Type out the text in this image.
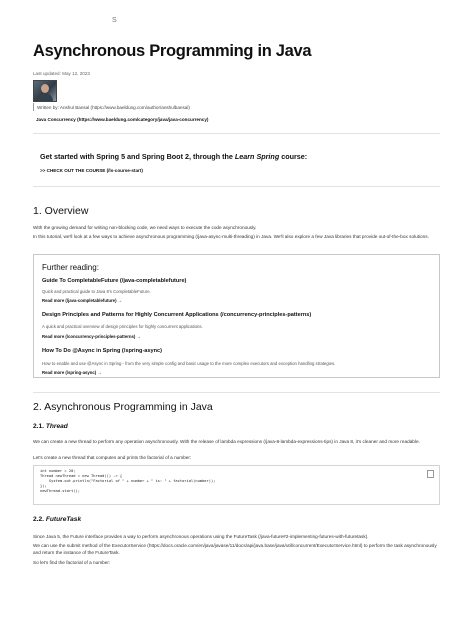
S
Asynchronous Programming in Java
Last updated: May 12, 2023
Written by: Anshul Bansal (https://www.baeldung.com/author/anshulbansal)
Java Concurrency (https://www.baeldung.com/category/java/java-concurrency)
Get started with Spring 5 and Spring Boot 2, through the Learn Spring course:
>> CHECK OUT THE COURSE (/ls-course-start)
1. Overview
With the growing demand for writing non-blocking code, we need ways to execute the code asynchronously.
In this tutorial, we'll look at a few ways to achieve asynchronous programming (/java-async-multi-threading) in Java. We'll also explore a few Java libraries that provide out-of-the-box solutions.
Further reading:
Guide To CompletableFuture (/java-completablefuture)
Quick and practical guide to Java 8's CompletableFuture.
Read more (/java-completablefuture) →
Design Principles and Patterns for Highly Concurrent Applications (/concurrency-principles-patterns)
A quick and practical overview of design principles for highly concurrent applications.
Read more (/concurrency-principles-patterns) →
How To Do @Async in Spring (/spring-async)
How to enable and use @Async in Spring - from the very simple config and basic usage to the more complex executors and exception handling strategies.
Read more (/spring-async) →
2. Asynchronous Programming in Java
2.1. Thread
We can create a new thread to perform any operation asynchronously. With the release of lambda expressions (/java-8-lambda-expressions-tips) in Java 8, it's cleaner and more readable.
Let's create a new thread that computes and prints the factorial of a number:
int number = 20;
Thread newThread = new Thread(() -> {
System.out.println("Factorial of " + number + " is: " + factorial(number));
});
newThread.start();
2.2. FutureTask
Since Java 5, the Future interface provides a way to perform asynchronous operations using the FutureTask (/java-future#2-implementing-futures-with-futuretask).
We can use the submit method of the ExecutorService (https://docs.oracle.com/en/java/javase/11/docs/api/java.base/java/util/concurrent/ExecutorService.html) to perform the task asynchronously and return the instance of the FutureTask.
So let's find the factorial of a number:
